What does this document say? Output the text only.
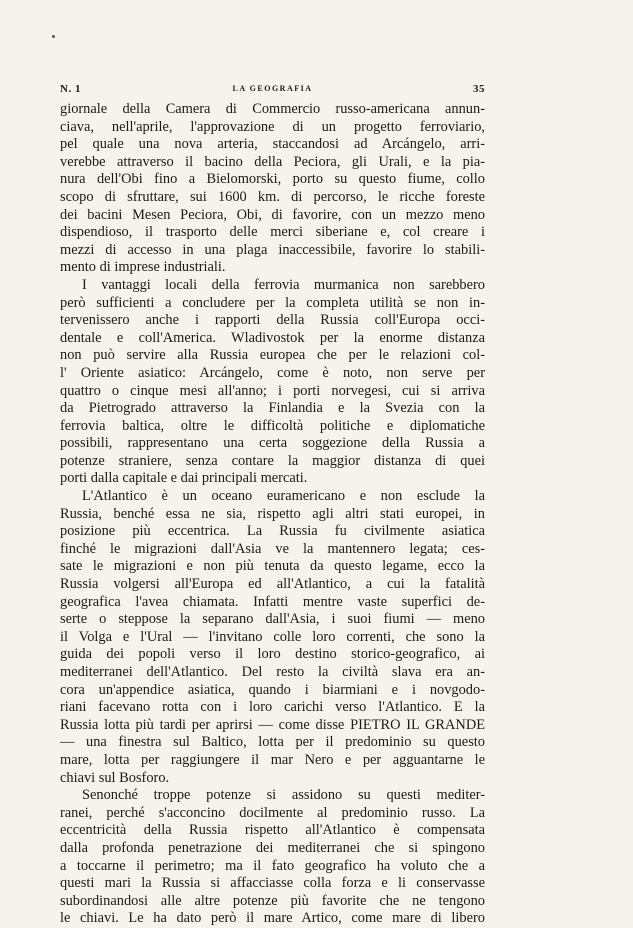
N. 1	LA GEOGRAFIA	35
giornale della Camera di Commercio russo-americana annun-
ciava, nell'aprile, l'approvazione di un progetto ferroviario,
pel quale una nova arteria, staccandosi ad Arcángelo, arri-
verebbe attraverso il bacino della Peciora, gli Urali, e la pia-
nura dell'Obi fino a Bielomorski, porto su questo fiume, collo
scopo di sfruttare, sui 1600 km. di percorso, le ricche foreste
dei bacini Mesen Peciora, Obi, di favorire, con un mezzo meno
dispendioso, il trasporto delle merci siberiane e, col creare i
mezzi di accesso in una plaga inaccessibile, favorire lo stabili-
mento di imprese industriali.
I vantaggi locali della ferrovia murmanica non sarebbero
però sufficienti a concludere per la completa utilità se non in-
tervenissero anche i rapporti della Russia coll'Europa occi-
dentale e coll'America. Wladivostok per la enorme distanza
non può servire alla Russia europea che per le relazioni col-
l' Oriente asiatico: Arcángelo, come è noto, non serve per
quattro o cinque mesi all'anno; i porti norvegesi, cui si arriva
da Pietrogrado attraverso la Finlandia e la Svezia con la
ferrovia baltica, oltre le difficoltà politiche e diplomatiche
possibili, rappresentano una certa soggezione della Russia a
potenze straniere, senza contare la maggior distanza di quei
porti dalla capitale e dai principali mercati.
L'Atlantico è un oceano euramericano e non esclude la
Russia, benché essa ne sia, rispetto agli altri stati europei, in
posizione più eccentrica. La Russia fu civilmente asiatica
finché le migrazioni dall'Asia ve la mantennero legata; ces-
sate le migrazioni e non più tenuta da questo legame, ecco la
Russia volgersi all'Europa ed all'Atlantico, a cui la fatalità
geografica l'avea chiamata. Infatti mentre vaste superfici de-
serte o steppose la separano dall'Asia, i suoi fiumi — meno
il Volga e l'Ural — l'invitano colle loro correnti, che sono la
guida dei popoli verso il loro destino storico-geografico, ai
mediterranei dell'Atlantico. Del resto la civiltà slava era an-
cora un'appendice asiatica, quando i biarmiani e i novgodo-
riani facevano rotta con i loro carichi verso l'Atlantico. E la
Russia lotta più tardi per aprirsi — come disse PIETRO IL GRANDE
— una finestra sul Baltico, lotta per il predominio su questo
mare, lotta per raggiungere il mar Nero e per agguantarne le
chiavi sul Bosforo.
Senonché troppe potenze si assidono su questi mediter-
ranei, perché s'acconcino docilmente al predominio russo. La
eccentricità della Russia rispetto all'Atlantico è compensata
dalla profonda penetrazione dei mediterranei che si spingono
a toccarne il perimetro; ma il fato geografico ha voluto che a
questi mari la Russia si affacciasse colla forza e li conservasse
subordinandosi alle altre potenze più favorite che ne tengono
le chiavi. Le ha dato però il mare Artico, come mare di libero
